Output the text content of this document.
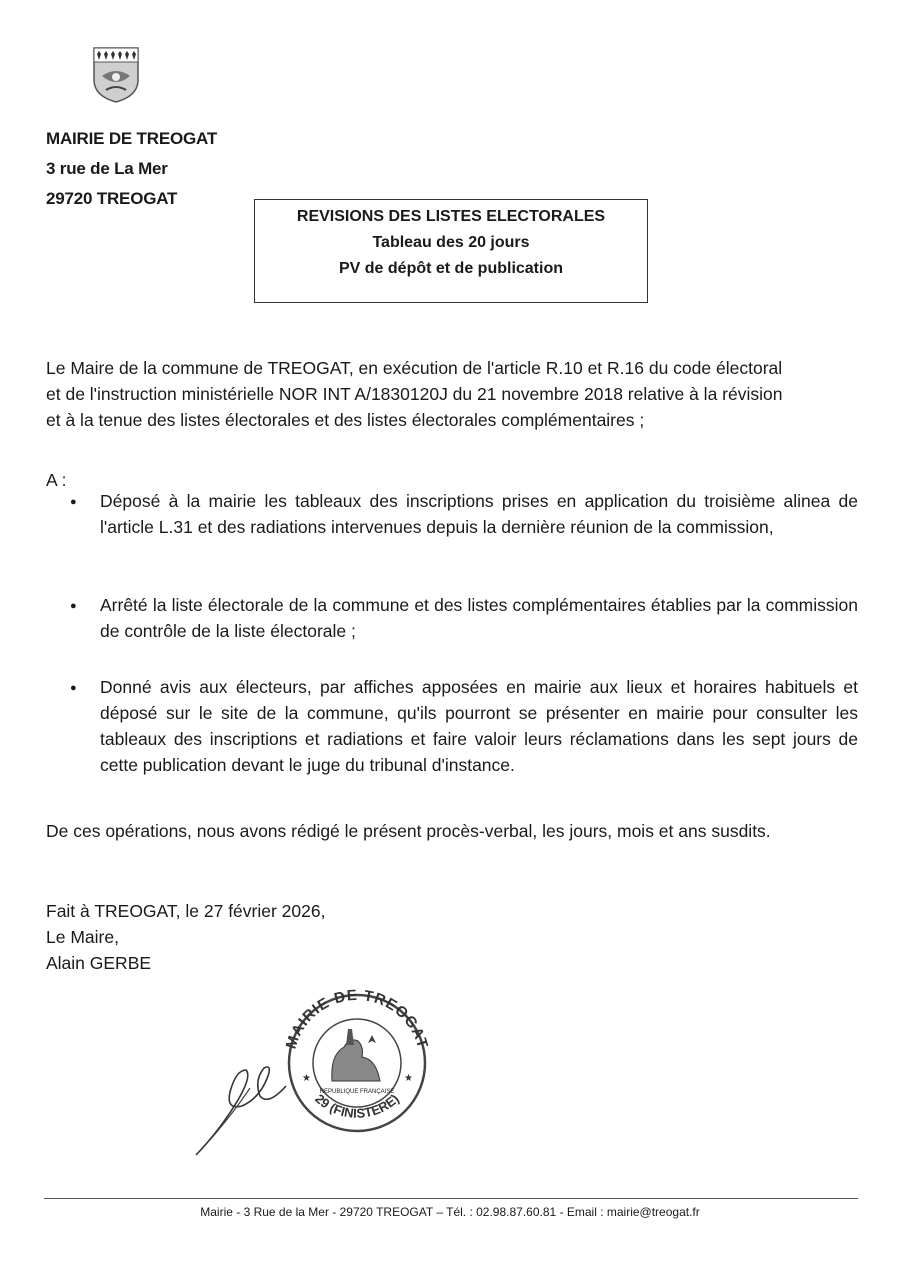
MAIRIE DE TREOGAT
3 rue de La Mer
29720 TREOGAT
REVISIONS DES LISTES ELECTORALES
Tableau des 20 jours
PV de dépôt et de publication
Le Maire de la commune de TREOGAT, en exécution de l'article R.10 et R.16 du code électoral
et de l'instruction ministérielle NOR INT A/1830120J du 21 novembre 2018 relative à la révision
et à la tenue des listes électorales et des listes électorales complémentaires ;
A :
● Déposé à la mairie les tableaux des inscriptions prises en application du troisième alinea de l'article L.31 et des radiations intervenues depuis la dernière réunion de la commission,
● Arrêté la liste électorale de la commune et des listes complémentaires établies par la commission de contrôle de la liste électorale ;
● Donné avis aux électeurs, par affiches apposées en mairie aux lieux et horaires habituels et déposé sur le site de la commune, qu'ils pourront se présenter en mairie pour consulter les tableaux des inscriptions et radiations et faire valoir leurs réclamations dans les sept jours de cette publication devant le juge du tribunal d'instance.
De ces opérations, nous avons rédigé le présent procès-verbal, les jours, mois et ans susdits.
Fait à TREOGAT, le 27 février 2026,
Le Maire,
Alain GERBE
MAIRIE DE TREOGAT
29 (FINISTERE)
★	★
REPUBLIQUE FRANÇAISE
Mairie - 3 Rue de la Mer - 29720 TREOGAT – Tél. : 02.98.87.60.81 - Email : mairie@treogat.fr
